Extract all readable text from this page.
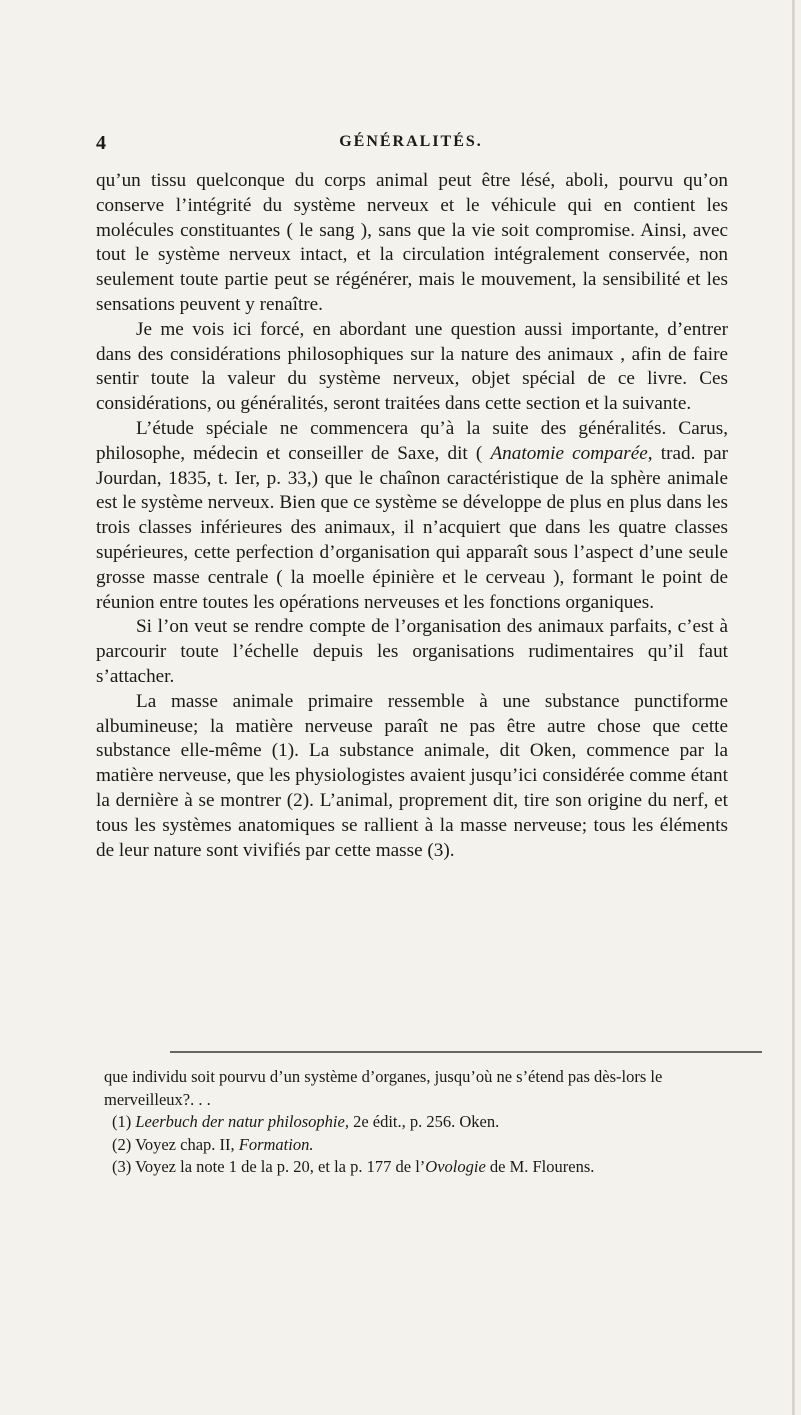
4	GÉNÉRALITÉS.

qu’un tissu quelconque du corps animal peut être lésé, aboli, pourvu qu’on conserve l’intégrité du système nerveux et le véhicule qui en contient les molécules constituantes ( le sang ), sans que la vie soit compromise. Ainsi, avec tout le système nerveux intact, et la circulation intégralement conservée, non seulement toute partie peut se régénérer, mais le mouvement, la sensibilité et les sensations peuvent y renaître.

Je me vois ici forcé, en abordant une question aussi importante, d’entrer dans des considérations philosophiques sur la nature des animaux , afin de faire sentir toute la valeur du système nerveux, objet spécial de ce livre. Ces considérations, ou généralités, seront traitées dans cette section et la suivante.

L’étude spéciale ne commencera qu’à la suite des généralités. Carus, philosophe, médecin et conseiller de Saxe, dit ( Anatomie comparée, trad. par Jourdan, 1835, t. Ier, p. 33,) que le chaînon caractéristique de la sphère animale est le système nerveux. Bien que ce système se développe de plus en plus dans les trois classes inférieures des animaux, il n’acquiert que dans les quatre classes supérieures, cette perfection d’organisation qui apparaît sous l’aspect d’une seule grosse masse centrale ( la moelle épinière et le cerveau ), formant le point de réunion entre toutes les opérations nerveuses et les fonctions organiques.

Si l’on veut se rendre compte de l’organisation des animaux parfaits, c’est à parcourir toute l’échelle depuis les organisations rudimentaires qu’il faut s’attacher.

La masse animale primaire ressemble à une substance punctiforme albumineuse; la matière nerveuse paraît ne pas être autre chose que cette substance elle-même (1). La substance animale, dit Oken, commence par la matière nerveuse, que les physiologistes avaient jusqu’ici considérée comme étant la dernière à se montrer (2). L’animal, proprement dit, tire son origine du nerf, et tous les systèmes anatomiques se rallient à la masse nerveuse; tous les éléments de leur nature sont vivifiés par cette masse (3).

que individu soit pourvu d’un système d’organes, jusqu’où ne s’étend pas dès-lors le merveilleux?. . .

(1) Leerbuch der natur philosophie, 2e édit., p. 256. Oken.

(2) Voyez chap. II, Formation.

(3) Voyez la note 1 de la p. 20, et la p. 177 de l’Ovologie de M. Flourens.
